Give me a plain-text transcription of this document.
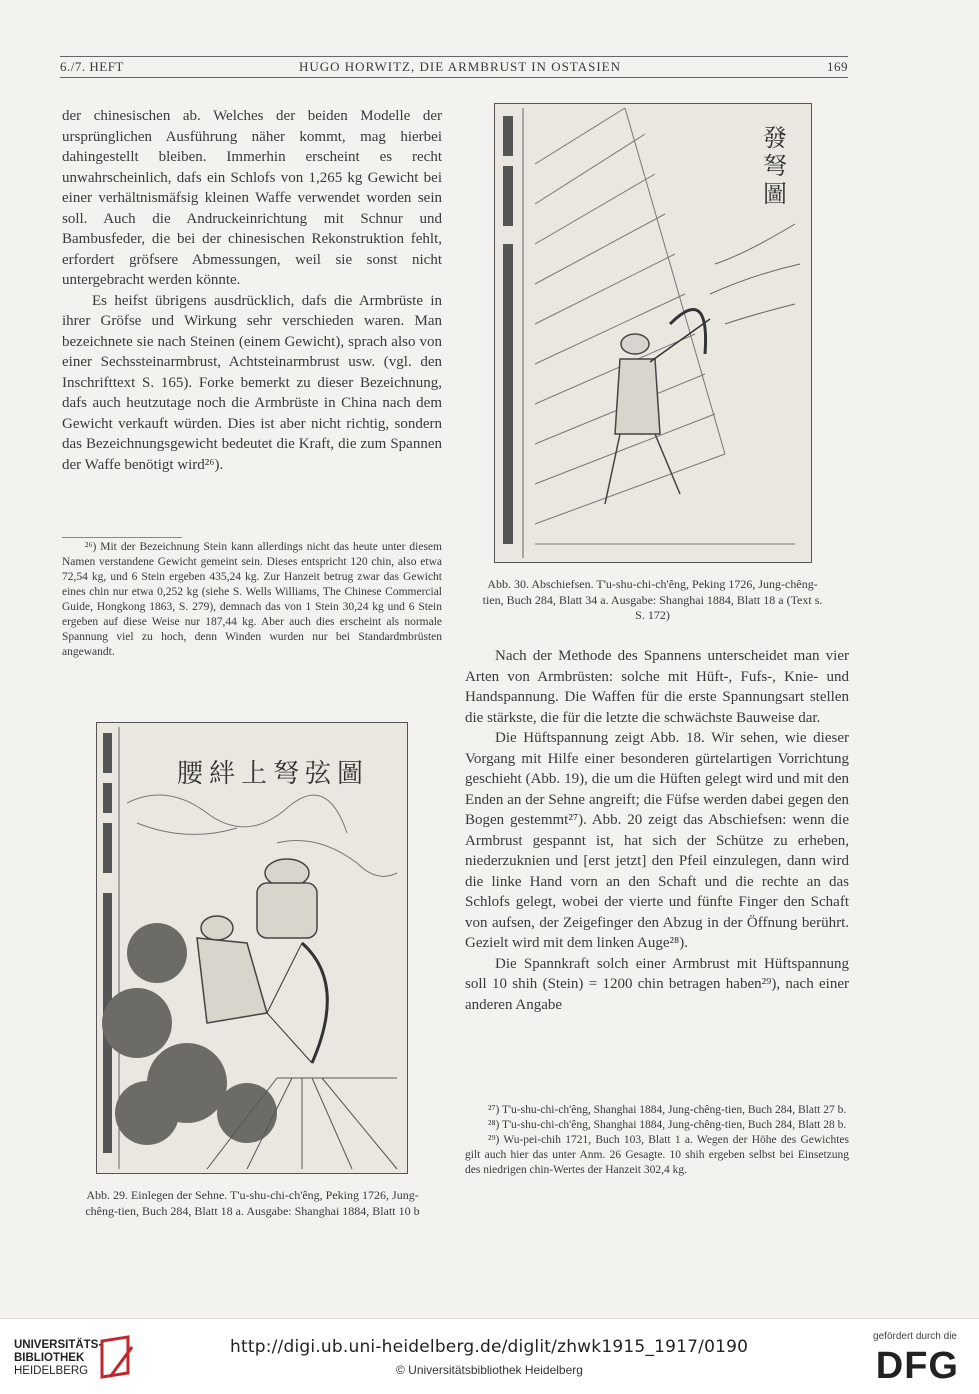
6./7. HEFT	HUGO HORWITZ, DIE ARMBRUST IN OSTASIEN	169

der chinesischen ab. Welches der beiden Modelle der ursprünglichen Ausführung näher kommt, mag hierbei dahingestellt bleiben. Immerhin erscheint es recht unwahrscheinlich, dafs ein Schlofs von 1,265 kg Gewicht bei einer verhältnismäfsig kleinen Waffe verwendet worden sein soll. Auch die Andruckeinrichtung mit Schnur und Bambusfeder, die bei der chinesischen Rekonstruktion fehlt, erfordert gröfsere Abmessungen, weil sie sonst nicht untergebracht werden könnte.

Es heifst übrigens ausdrücklich, dafs die Armbrüste in ihrer Gröfse und Wirkung sehr verschieden waren. Man bezeichnete sie nach Steinen (einem Gewicht), sprach also von einer Sechssteinarmbrust, Achtsteinarmbrust usw. (vgl. den Inschrifttext S. 165). Forke bemerkt zu dieser Bezeichnung, dafs auch heutzutage noch die Armbrüste in China nach dem Gewicht verkauft würden. Dies ist aber nicht richtig, sondern das Bezeichnungsgewicht bedeutet die Kraft, die zum Spannen der Waffe benötigt wird²⁶).

²⁶) Mit der Bezeichnung Stein kann allerdings nicht das heute unter diesem Namen verstandene Gewicht gemeint sein. Dieses entspricht 120 chin, also etwa 72,54 kg, und 6 Stein ergeben 435,24 kg. Zur Hanzeit betrug zwar das Gewicht eines chin nur etwa 0,252 kg (siehe S. Wells Williams, The Chinese Commercial Guide, Hongkong 1863, S. 279), demnach das von 1 Stein 30,24 kg und 6 Stein ergeben auf diese Weise nur 187,44 kg. Aber auch dies erscheint als normale Spannung viel zu hoch, denn Winden wurden nur bei Standardmbrüsten angewandt.

腰絆上弩弦圖
Abb. 29. Einlegen der Sehne. T'u-shu-chi-ch'êng, Peking 1726, Jung-chêng-tien, Buch 284, Blatt 18 a. Ausgabe: Shanghai 1884, Blatt 10 b
發弩圖
Abb. 30. Abschiefsen. T'u-shu-chi-ch'êng, Peking 1726, Jung-chêng-tien, Buch 284, Blatt 34 a. Ausgabe: Shanghai 1884, Blatt 18 a (Text s. S. 172)

Nach der Methode des Spannens unterscheidet man vier Arten von Armbrüsten: solche mit Hüft-, Fufs-, Knie- und Handspannung. Die Waffen für die erste Spannungsart stellen die stärkste, die für die letzte die schwächste Bauweise dar.

Die Hüftspannung zeigt Abb. 18. Wir sehen, wie dieser Vorgang mit Hilfe einer besonderen gürtelartigen Vorrichtung geschieht (Abb. 19), die um die Hüften gelegt wird und mit den Enden an der Sehne angreift; die Füfse werden dabei gegen den Bogen gestemmt²⁷). Abb. 20 zeigt das Abschiefsen: wenn die Armbrust gespannt ist, hat sich der Schütze zu erheben, niederzuknien und [erst jetzt] den Pfeil einzulegen, dann wird die linke Hand vorn an den Schaft und die rechte an das Schlofs gelegt, wobei der vierte und fünfte Finger den Schaft von aufsen, der Zeigefinger den Abzug in der Öffnung berührt. Gezielt wird mit dem linken Auge²⁸).

Die Spannkraft solch einer Armbrust mit Hüftspannung soll 10 shih (Stein) = 1200 chin betragen haben²⁹), nach einer anderen Angabe

²⁷) T'u-shu-chi-ch'êng, Shanghai 1884, Jung-chêng-tien, Buch 284, Blatt 27 b.

²⁸) T'u-shu-chi-ch'êng, Shanghai 1884, Jung-chêng-tien, Buch 284, Blatt 28 b.

²⁹) Wu-pei-chih 1721, Buch 103, Blatt 1 a. Wegen der Höhe des Gewichtes gilt auch hier das unter Anm. 26 Gesagte. 10 shih ergeben selbst bei Einsetzung des niedrigen chin-Wertes der Hanzeit 302,4 kg.

UNIVERSITÄTS-
BIBLIOTHEK
HEIDELBERG
http://digi.ub.uni-heidelberg.de/diglit/zhwk1915_1917/0190
© Universitätsbibliothek Heidelberg
gefördert durch die
DFG
